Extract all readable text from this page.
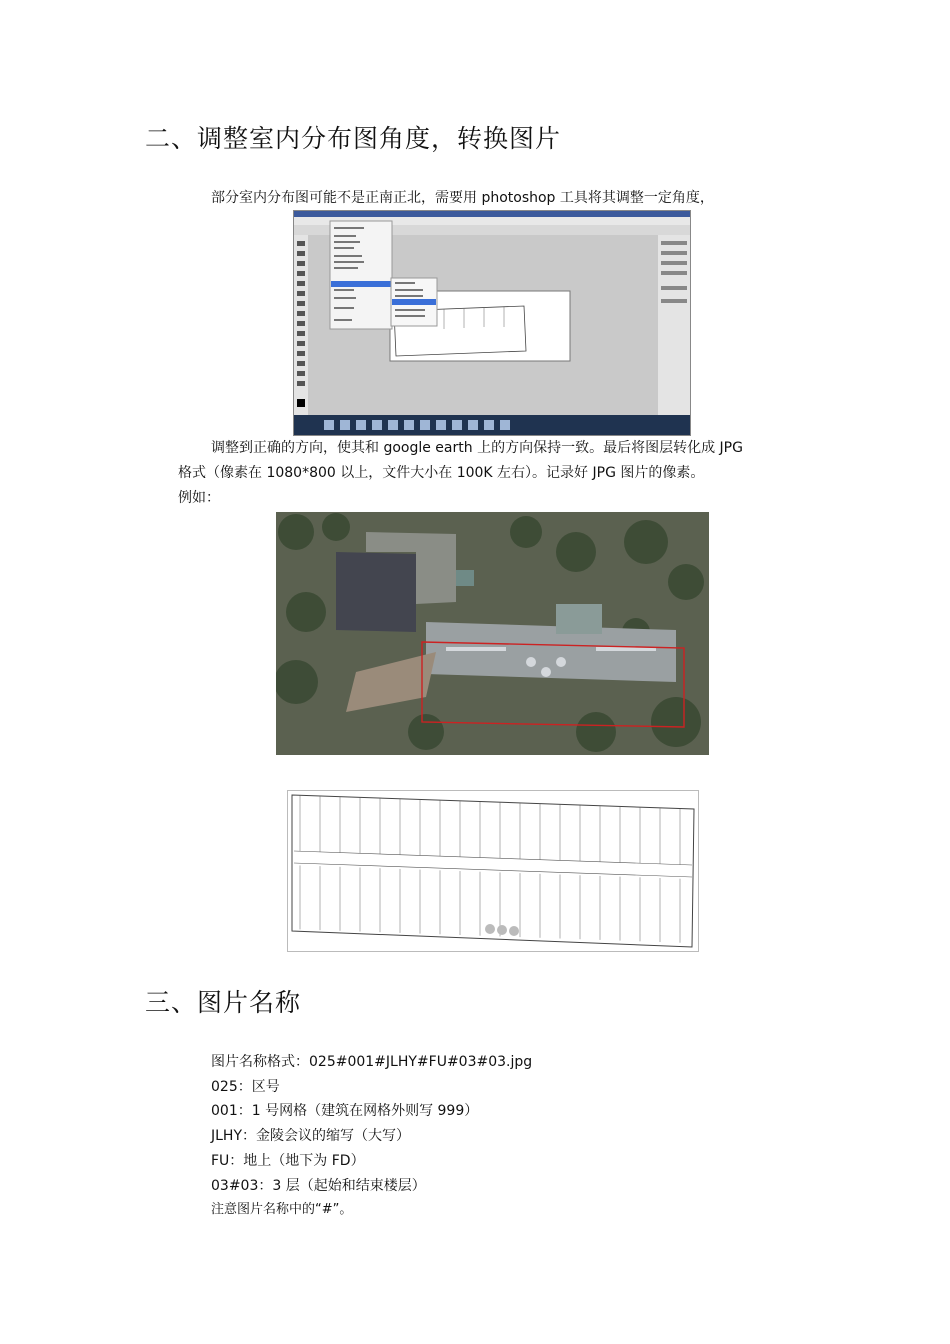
二、调整室内分布图角度，转换图片
部分室内分布图可能不是正南正北，需要用 photoshop 工具将其调整一定角度，
调整到正确的方向，使其和 google earth 上的方向保持一致。最后将图层转化成 JPG
格式（像素在 1080*800 以上，文件大小在 100K 左右）。记录好 JPG 图片的像素。
例如：
三、图片名称
图片名称格式：025#001#JLHY#FU#03#03.jpg
025：区号
001：1 号网格（建筑在网格外则写 999）
JLHY：金陵会议的缩写（大写）
FU：地上（地下为 FD）
03#03：3 层（起始和结束楼层）
注意图片名称中的“#”。
